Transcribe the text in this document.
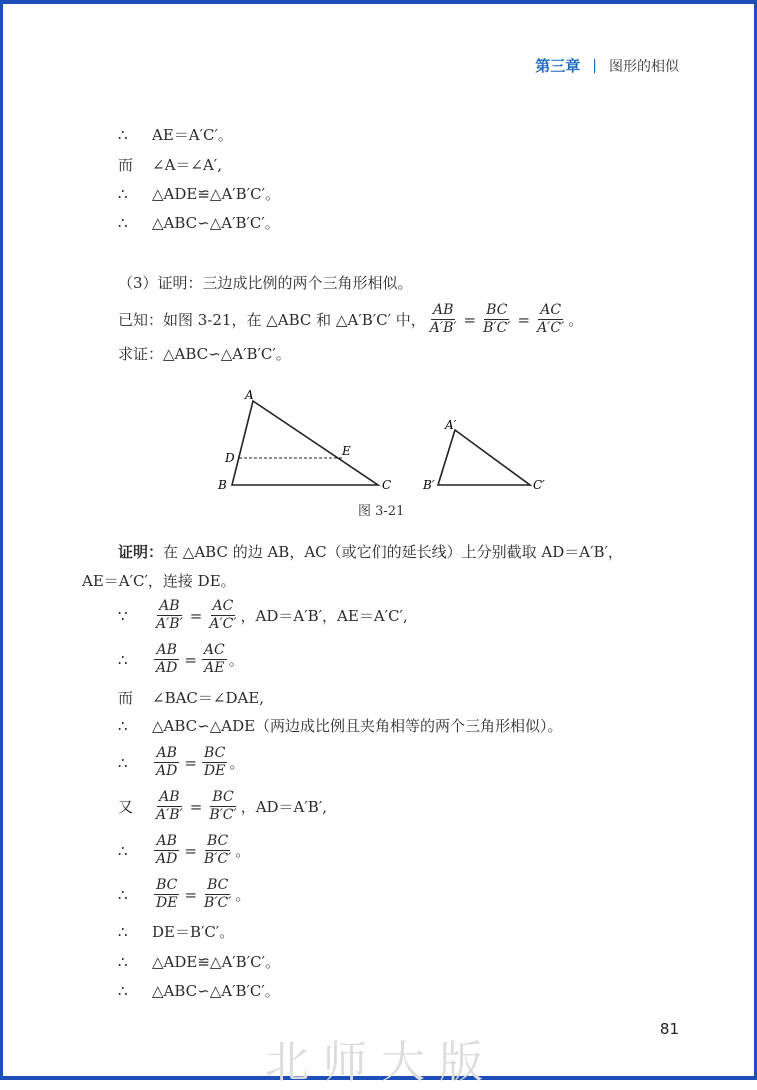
第三章 | 图形的相似
∴	AE＝A′C′。
而	∠A＝∠A′,
∴	△ADE≌△A′B′C′。
∴	△ABC∽△A′B′C′。
（3）证明：三边成比例的两个三角形相似。
已知：如图 3-21，在 △ABC 和 △A′B′C′ 中， $\frac{AB}{A'B'} = \frac{BC}{B'C'} = \frac{AC}{A'C'}$ 。
求证：△ABC∽△A′B′C′。
A
B	C
D	E
A′
B′	C′
图 3-21
证明： 在 △ABC 的边 AB，AC（或它们的延长线）上分别截取 AD＝A′B′，
AE＝A′C′，连接 DE。
∵	$\frac{AB}{A'B'} = \frac{AC}{A'C'}$ ，AD＝A′B′，AE＝A′C′,
∴	$\frac{AB}{AD} = \frac{AC}{AE}$ 。
而	∠BAC＝∠DAE,
∴	△ABC∽△ADE（两边成比例且夹角相等的两个三角形相似）。
∴	$\frac{AB}{AD} = \frac{BC}{DE}$ 。
又	$\frac{AB}{A'B'} = \frac{BC}{B'C'}$ ，AD＝A′B′,
∴	$\frac{AB}{AD} = \frac{BC}{B'C'}$ 。
∴	$\frac{BC}{DE} = \frac{BC}{B'C'}$ 。
∴	DE＝B′C′。
∴	△ADE≌△A′B′C′。
∴	△ABC∽△A′B′C′。
北师大版
81
